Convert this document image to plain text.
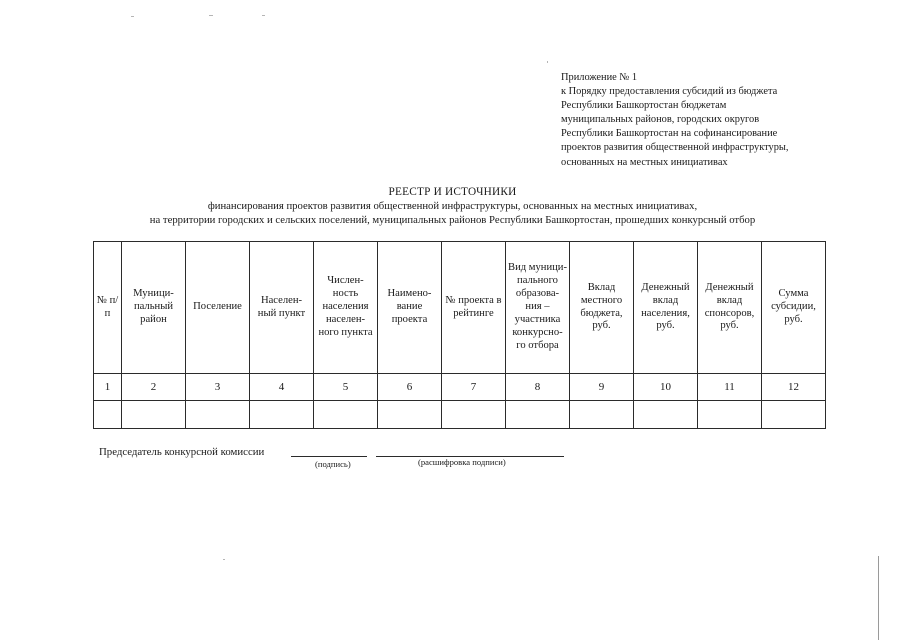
Приложение № 1
к Порядку предоставления субсидий из бюджета
Республики Башкортостан бюджетам
муниципальных районов, городских округов
Республики Башкортостан на софинансирование
проектов развития общественной инфраструктуры,
основанных на местных инициативах
РЕЕСТР И ИСТОЧНИКИ
финансирования проектов развития общественной инфраструктуры, основанных на местных инициативах,
на территории городских и сельских поселений, муниципальных районов Республики Башкортостан, прошедших конкурсный отбор
№ п/п	Муници- пальный район	Поселение	Населен- ный пункт	Числен- ность населения населен- ного пункта	Наимено- вание проекта	№ проекта в рейтинге	Вид муници- пального образова- ния – участника конкурсно- го отбора	Вклад местного бюджета, руб.	Денежный вклад населения, руб.	Денежный вклад спонсоров, руб.	Сумма субсидии, руб.
1	2	3	4	5	6	7	8	9	10	11	12

Председатель конкурсной комиссии
(подпись)	(расшифровка подписи)
